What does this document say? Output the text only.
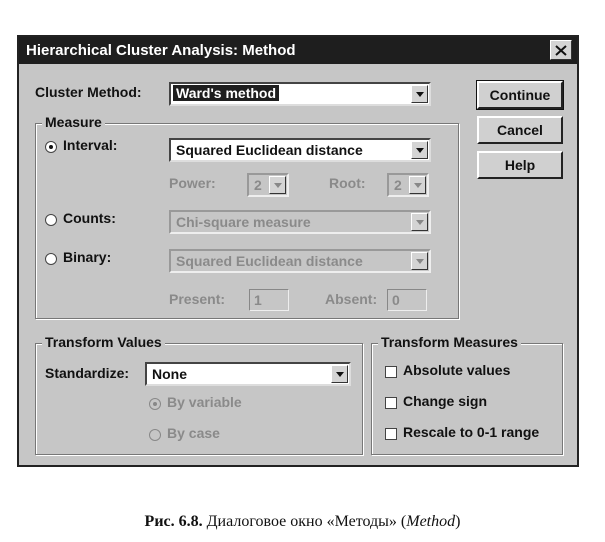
Hierarchical Cluster Analysis: Method
Cluster Method: Ward's method	Continue
Cancel
Help
Measure
Interval:	Squared Euclidean distance
Power:	2	Root: 2
Counts:	Chi-square measure
Binary:	Squared Euclidean distance
Present: 1	Absent: 0
Transform Values
Standardize: None
By variable
By case
Transform Measures
Absolute values
Change sign
Rescale to 0-1 range
Рис. 6.8. Диалоговое окно «Методы» (Method)
